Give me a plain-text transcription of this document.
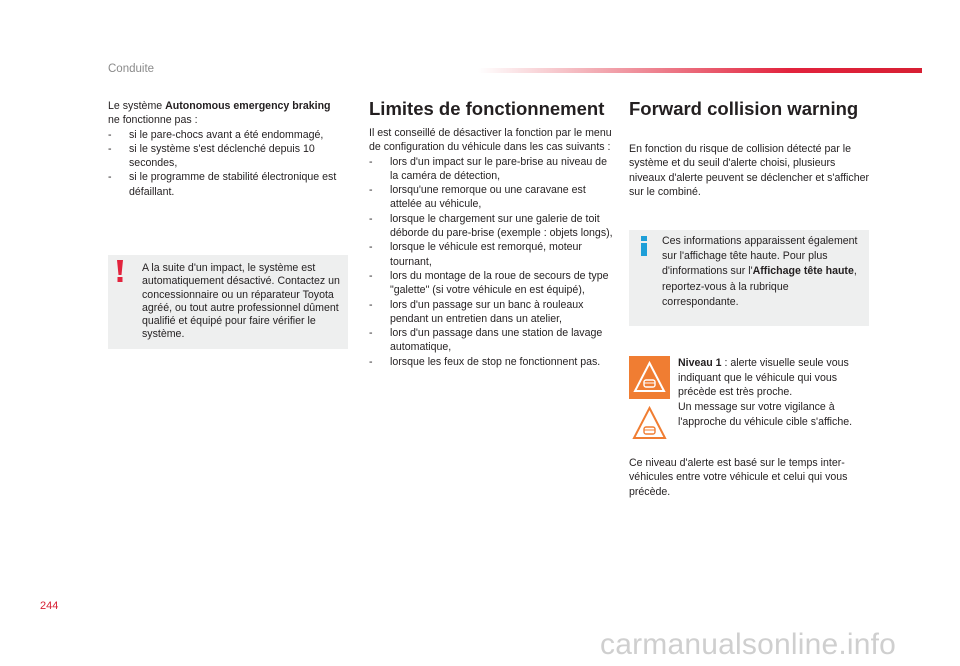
Conduite

Le système Autonomous emergency braking
ne fonctionne pas :

- si le pare-chocs avant a été endommagé,
- si le système s'est déclenché depuis 10 secondes,
- si le programme de stabilité électronique est défaillant.
A la suite d'un impact, le système est automatiquement désactivé. Contactez un concessionnaire ou un réparateur Toyota agréé, ou tout autre professionnel dûment qualifié et équipé pour faire vérifier le système.
Limites de fonctionnement

Il est conseillé de désactiver la fonction par le menu de configuration du véhicule dans les cas suivants :

- lors d'un impact sur le pare-brise au niveau de la caméra de détection,
- lorsqu'une remorque ou une caravane est attelée au véhicule,
- lorsque le chargement sur une galerie de toit déborde du pare-brise (exemple : objets longs),
- lorsque le véhicule est remorqué, moteur tournant,
- lors du montage de la roue de secours de type "galette" (si votre véhicule en est équipé),
- lors d'un passage sur un banc à rouleaux pendant un entretien dans un atelier,
- lors d'un passage dans une station de lavage automatique,
- lorsque les feux de stop ne fonctionnent pas.
Forward collision warning

En fonction du risque de collision détecté par le système et du seuil d'alerte choisi, plusieurs niveaux d'alerte peuvent se déclencher et s'afficher sur le combiné.

Ces informations apparaissent également sur l'affichage tête haute. Pour plus d'informations sur l'Affichage tête haute, reportez-vous à la rubrique correspondante.

Niveau 1 : alerte visuelle seule vous indiquant que le véhicule qui vous précède est très proche.

Un message sur votre vigilance à l'approche du véhicule cible s'affiche.

Ce niveau d'alerte est basé sur le temps inter-véhicules entre votre véhicule et celui qui vous précède.

244
carmanualsonline.info
